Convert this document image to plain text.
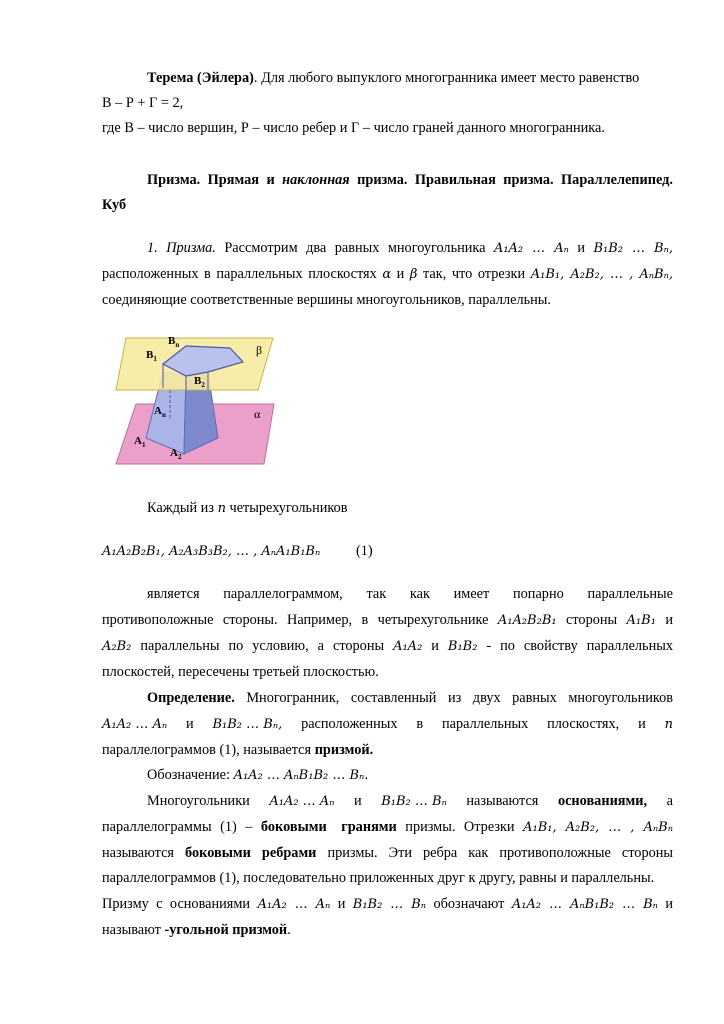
Терема (Эйлера). Для любого выпуклого многогранника имеет место равенство
В – Р + Г = 2,
где В – число вершин, Р – число ребер и Г – число граней данного многогранника.
Призма. Прямая и наклонная призма. Правильная призма. Параллелепипед.
Куб
1. Призма. Рассмотрим два равных многоугольника A₁A₂ … Aₙ и B₁B₂ … Bₙ,
расположенных в параллельных плоскостях α и β так, что отрезки A₁B₁, A₂B₂, … , AₙBₙ,
соединяющие соответственные вершины многоугольников, параллельны.
$B_1$
$B_n$
$B_2$
β
α
$A_n$
$A_1$
$A_2$
Каждый из n четырехугольников
A₁A₂B₂B₁, A₂A₃B₃B₂, … , AₙA₁B₁Bₙ	(1)
является параллелограммом, так как имеет попарно параллельные
противоположные стороны. Например, в четырехугольнике A₁A₂B₂B₁ стороны A₁B₁ и
A₂B₂ параллельны по условию, а стороны A₁A₂ и B₁B₂ - по свойству параллельных
плоскостей, пересечены третьей плоскостью.
Определение. Многогранник, составленный из двух равных многоугольников
A₁A₂ … Aₙ и B₁B₂ … Bₙ, расположенных в параллельных плоскостях, и n
параллелограммов (1), называется призмой.
Обозначение: A₁A₂ … AₙB₁B₂ … Bₙ.
Многоугольники A₁A₂ … Aₙ и B₁B₂ … Bₙ называются основаниями, а
параллелограммы (1) – боковыми гранями призмы. Отрезки A₁B₁, A₂B₂, … , AₙBₙ
называются боковыми ребрами призмы. Эти ребра как противоположные стороны
параллелограммов (1), последовательно приложенных друг к другу, равны и параллельны.
Призму с основаниями A₁A₂ … Aₙ и B₁B₂ … Bₙ обозначают A₁A₂ … AₙB₁B₂ … Bₙ и
называют -угольной призмой.
